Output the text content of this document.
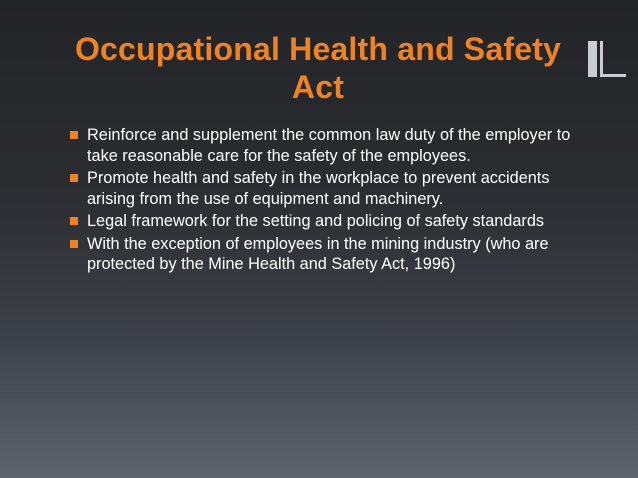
Occupational Health and Safety Act
Reinforce and supplement the common law duty of the employer to take reasonable care for the safety of the employees.
Promote health and safety in the workplace to prevent accidents arising from the use of equipment and machinery.
Legal framework for the setting and policing of safety standards
With the exception of employees in the mining industry (who are protected by the Mine Health and Safety Act, 1996)
